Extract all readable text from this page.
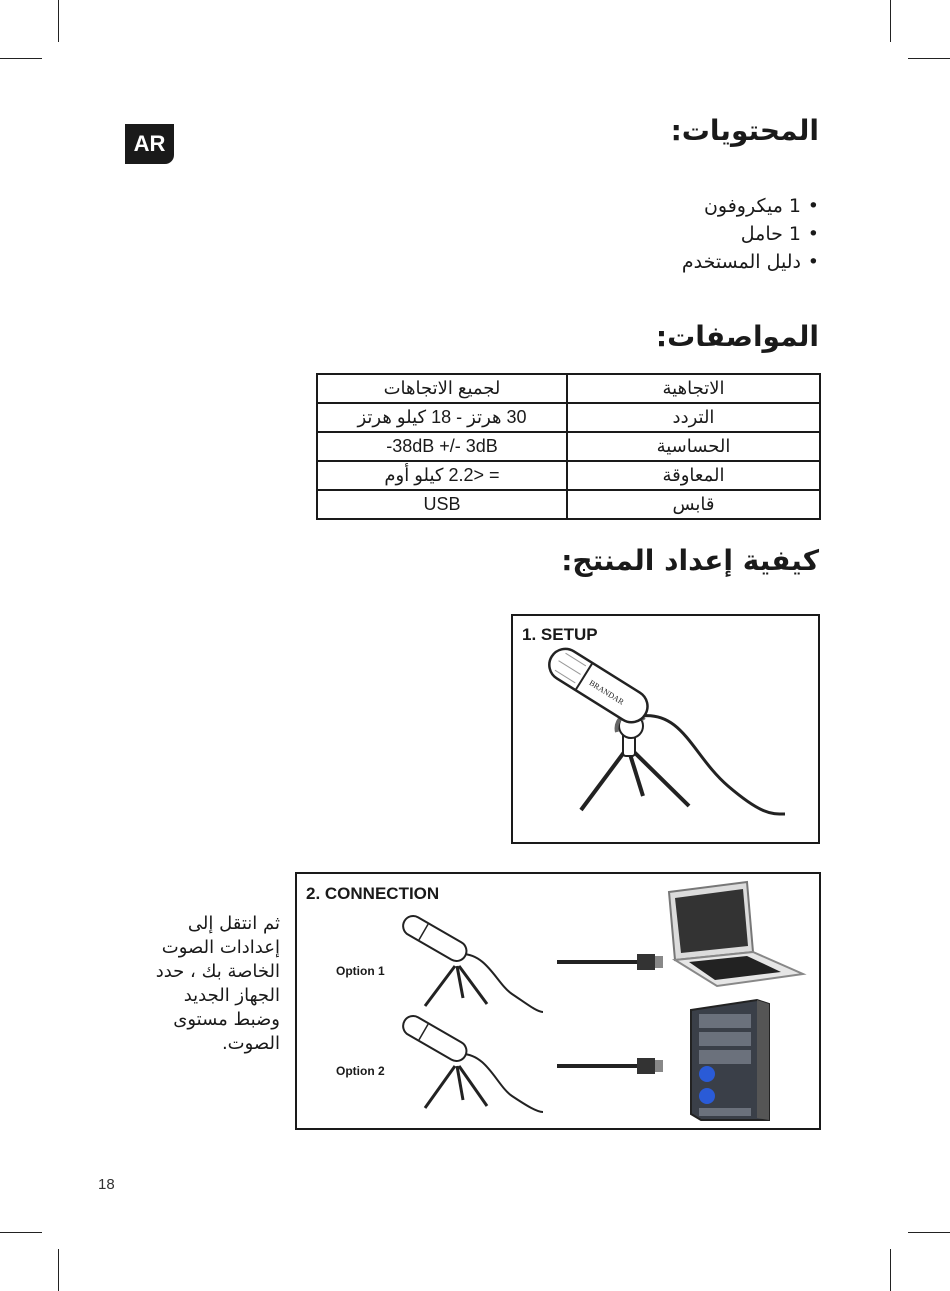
AR	المحتويات:
• 1 ميكروفون
• 1 حامل
• دليل المستخدم
المواصفات:
لجميع الاتجاهات	الاتجاهية
30 هرتز - 18 كيلو هرتز	التردد
-38dB +/- 3dB	الحساسية
= <2.2 كيلو أوم	المعاوقة
USB	قابس
كيفية إعداد المنتج:
1. SETUP
BRANDAR
2. CONNECTION
Option 1
Option 2
ثم انتقل إلى
إعدادات الصوت
الخاصة بك ، حدد
الجهاز الجديد
وضبط مستوى
الصوت.
18
